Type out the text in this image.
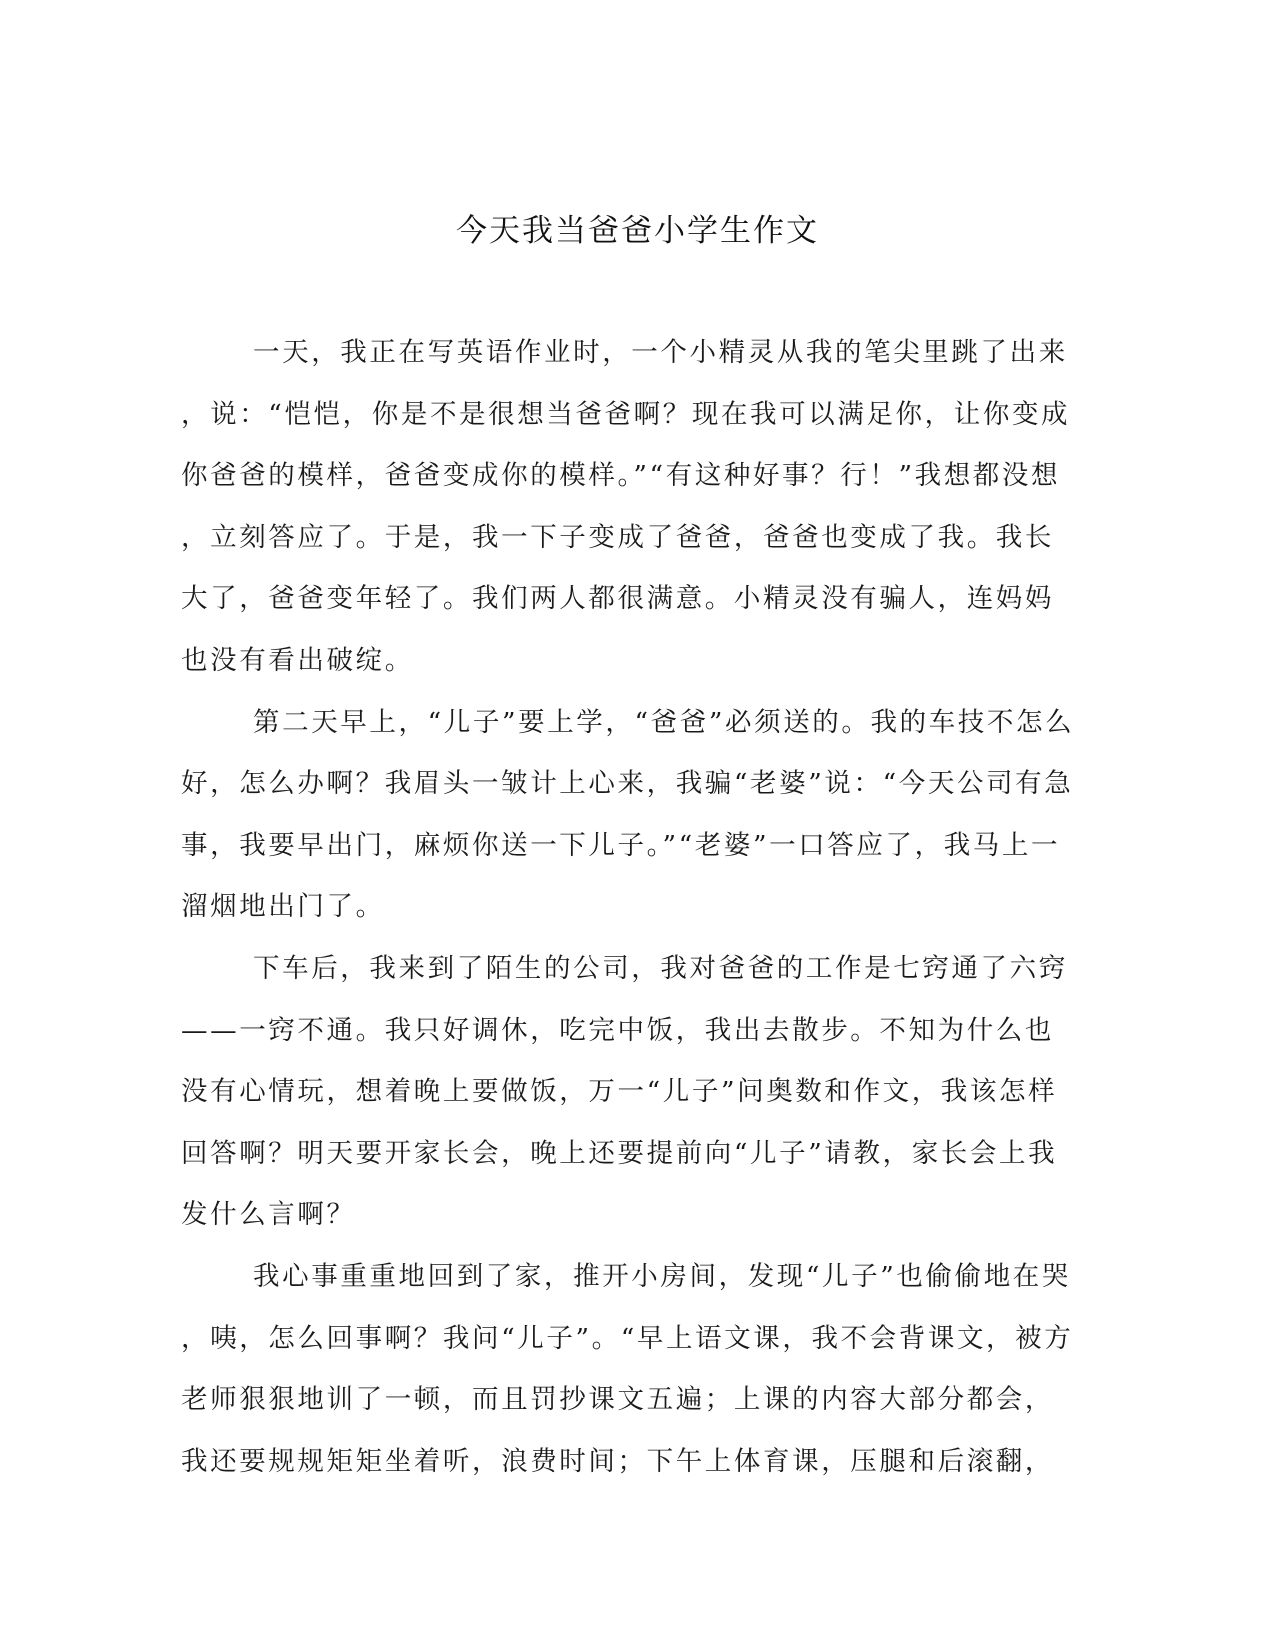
今天我当爸爸小学生作文
一天，我正在写英语作业时，一个小精灵从我的笔尖里跳了出来
，说：“恺恺，你是不是很想当爸爸啊？现在我可以满足你，让你变成
你爸爸的模样，爸爸变成你的模样。”“有这种好事？行！”我想都没想
，立刻答应了。于是，我一下子变成了爸爸，爸爸也变成了我。我长
大了，爸爸变年轻了。我们两人都很满意。小精灵没有骗人，连妈妈
也没有看出破绽。
第二天早上，“儿子”要上学，“爸爸”必须送的。我的车技不怎么
好，怎么办啊？我眉头一皱计上心来，我骗“老婆”说：“今天公司有急
事，我要早出门，麻烦你送一下儿子。”“老婆”一口答应了，我马上一
溜烟地出门了。
下车后，我来到了陌生的公司，我对爸爸的工作是七窍通了六窍
——一窍不通。我只好调休，吃完中饭，我出去散步。不知为什么也
没有心情玩，想着晚上要做饭，万一“儿子”问奥数和作文，我该怎样
回答啊？明天要开家长会，晚上还要提前向“儿子”请教，家长会上我
发什么言啊？
我心事重重地回到了家，推开小房间，发现“儿子”也偷偷地在哭
，咦，怎么回事啊？我问“儿子”。“早上语文课，我不会背课文，被方
老师狠狠地训了一顿，而且罚抄课文五遍；上课的内容大部分都会，
我还要规规矩矩坐着听，浪费时间；下午上体育课，压腿和后滚翻，
